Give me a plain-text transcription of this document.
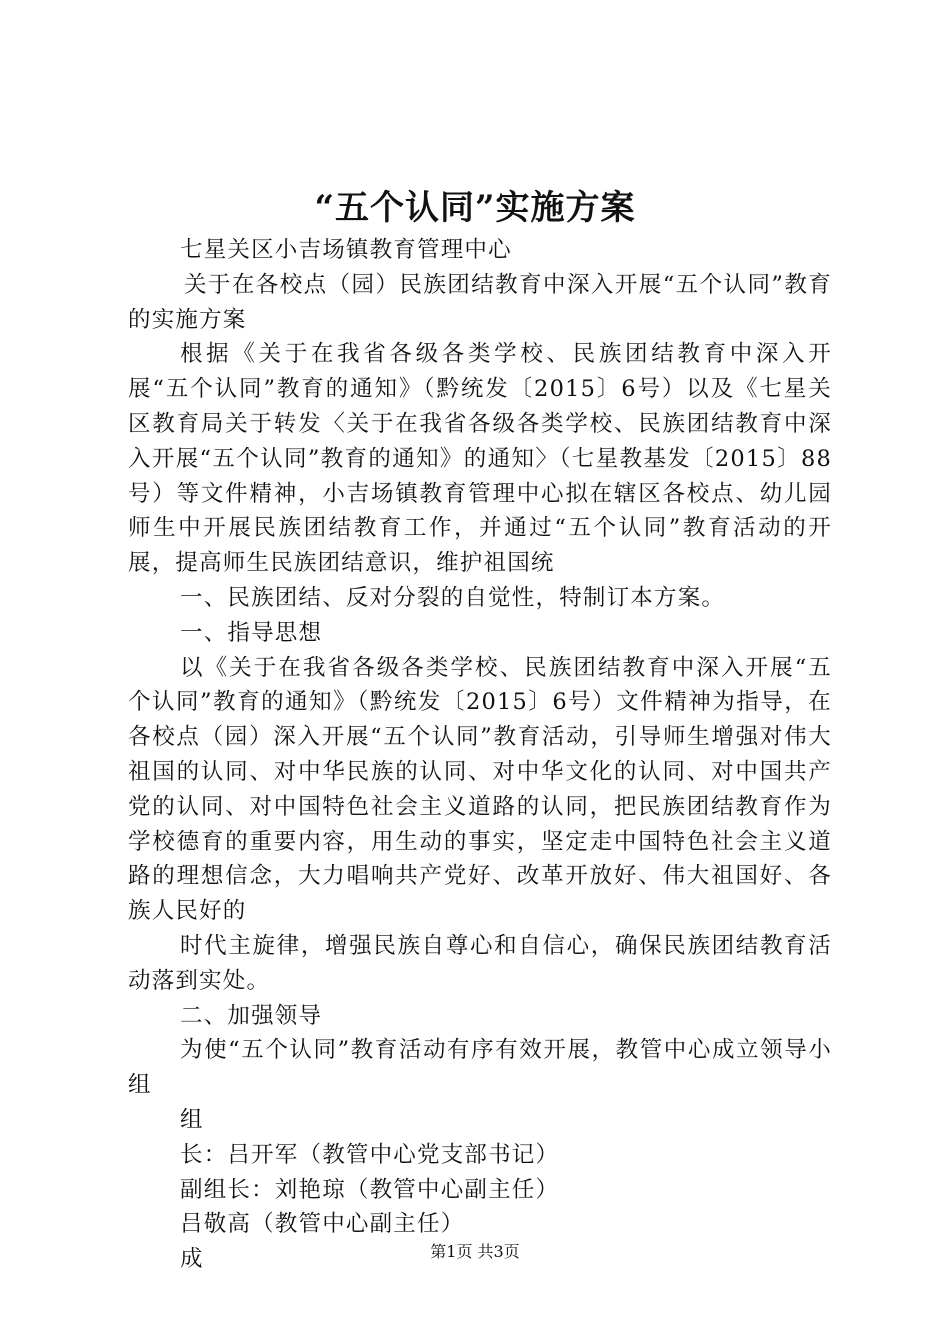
“五个认同”实施方案

七星关区小吉场镇教育管理中心

关于在各校点（园）民族团结教育中深入开展“五个认同”教育的实施方案

根据《关于在我省各级各类学校、民族团结教育中深入开展“五个认同”教育的通知》（黔统发〔2015〕6号）以及《七星关区教育局关于转发〈关于在我省各级各类学校、民族团结教育中深入开展“五个认同”教育的通知》的通知〉（七星教基发〔2015〕88号）等文件精神，小吉场镇教育管理中心拟在辖区各校点、幼儿园师生中开展民族团结教育工作，并通过“五个认同”教育活动的开展，提高师生民族团结意识，维护祖国统

一、民族团结、反对分裂的自觉性，特制订本方案。

一、指导思想

以《关于在我省各级各类学校、民族团结教育中深入开展“五个认同”教育的通知》（黔统发〔2015〕6号）文件精神为指导，在各校点（园）深入开展“五个认同”教育活动，引导师生增强对伟大祖国的认同、对中华民族的认同、对中华文化的认同、对中国共产党的认同、对中国特色社会主义道路的认同，把民族团结教育作为学校德育的重要内容，用生动的事实，坚定走中国特色社会主义道路的理想信念，大力唱响共产党好、改革开放好、伟大祖国好、各族人民好的

时代主旋律，增强民族自尊心和自信心，确保民族团结教育活动落到实处。

二、加强领导

为使“五个认同”教育活动有序有效开展，教管中心成立领导小组

组

长：吕开军（教管中心党支部书记）

副组长：刘艳琼（教管中心副主任）

吕敬高（教管中心副主任）

成	第1页 共3页
